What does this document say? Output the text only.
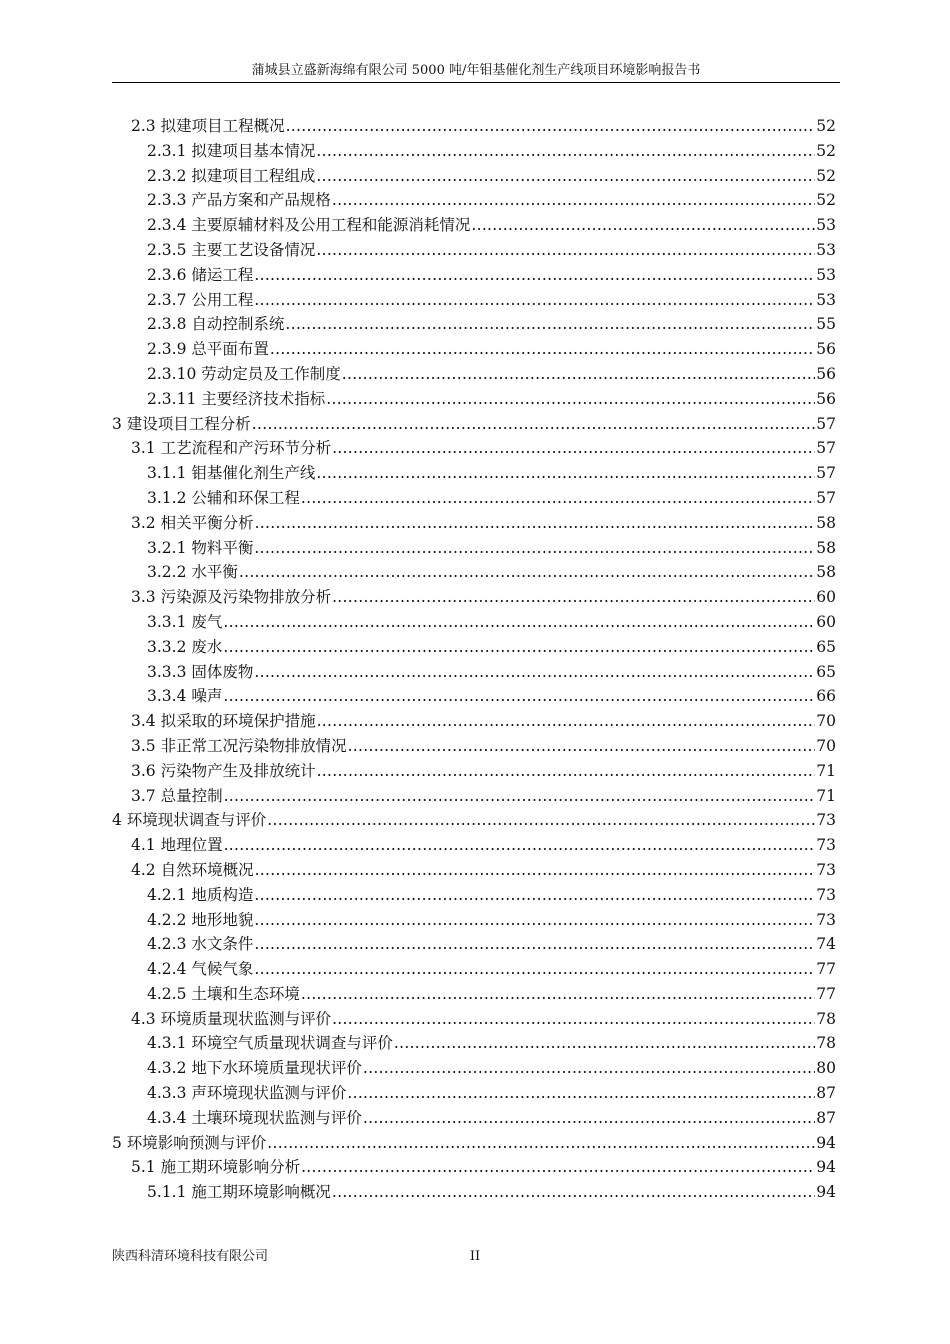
蒲城县立盛新海绵有限公司 5000 吨/年钼基催化剂生产线项目环境影响报告书
2.3 拟建项目工程概况 .....	52
2.3.1 拟建项目基本情况 .....	52
2.3.2 拟建项目工程组成 .....	52
2.3.3 产品方案和产品规格 .....	52
2.3.4 主要原辅材料及公用工程和能源消耗情况 .....	53
2.3.5 主要工艺设备情况 .....	53
2.3.6 储运工程 .....	53
2.3.7 公用工程 .....	53
2.3.8 自动控制系统 .....	55
2.3.9 总平面布置 .....	56
2.3.10 劳动定员及工作制度 .....	56
2.3.11 主要经济技术指标 .....	56
3 建设项目工程分析 .....	57
3.1 工艺流程和产污环节分析 .....	57
3.1.1 钼基催化剂生产线 .....	57
3.1.2 公辅和环保工程 .....	57
3.2 相关平衡分析 .....	58
3.2.1 物料平衡 .....	58
3.2.2 水平衡 .....	58
3.3 污染源及污染物排放分析 .....	60
3.3.1 废气 .....	60
3.3.2 废水 .....	65
3.3.3 固体废物 .....	65
3.3.4 噪声 .....	66
3.4 拟采取的环境保护措施 .....	70
3.5 非正常工况污染物排放情况 .....	70
3.6 污染物产生及排放统计 .....	71
3.7 总量控制 .....	71
4 环境现状调查与评价 .....	73
4.1 地理位置 .....	73
4.2 自然环境概况 .....	73
4.2.1 地质构造 .....	73
4.2.2 地形地貌 .....	73
4.2.3 水文条件 .....	74
4.2.4 气候气象 .....	77
4.2.5 土壤和生态环境 .....	77
4.3 环境质量现状监测与评价 .....	78
4.3.1 环境空气质量现状调查与评价 .....	78
4.3.2 地下水环境质量现状评价 .....	80
4.3.3 声环境现状监测与评价 .....	87
4.3.4 土壤环境现状监测与评价 .....	87
5 环境影响预测与评价 .....	94
5.1 施工期环境影响分析 .....	94
5.1.1 施工期环境影响概况 .....	94
陕西科清环境科技有限公司	II
